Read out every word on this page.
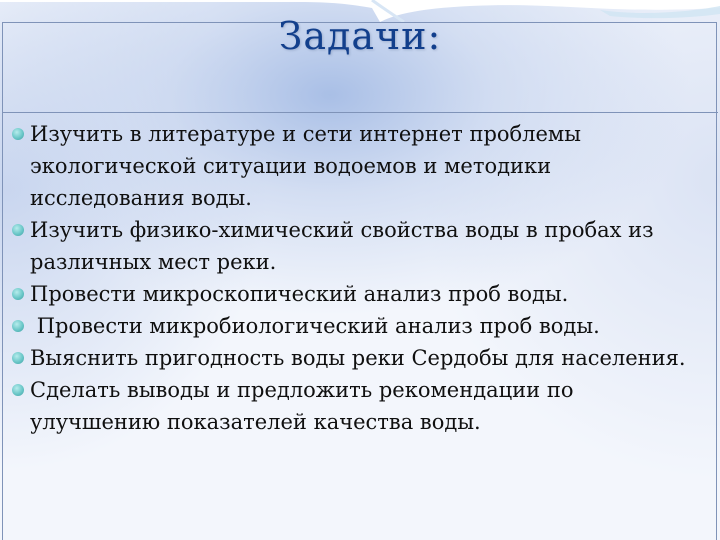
Задачи:
Изучить в литературе и сети интернет проблемы экологической ситуации водоемов и методики исследования воды.
Изучить физико-химический свойства воды в пробах из различных мест реки.
Провести микроскопический анализ проб воды.
Провести микробиологический анализ проб воды.
Выяснить пригодность воды реки Сердобы для населения.
Сделать выводы и предложить рекомендации по улучшению показателей качества воды.
